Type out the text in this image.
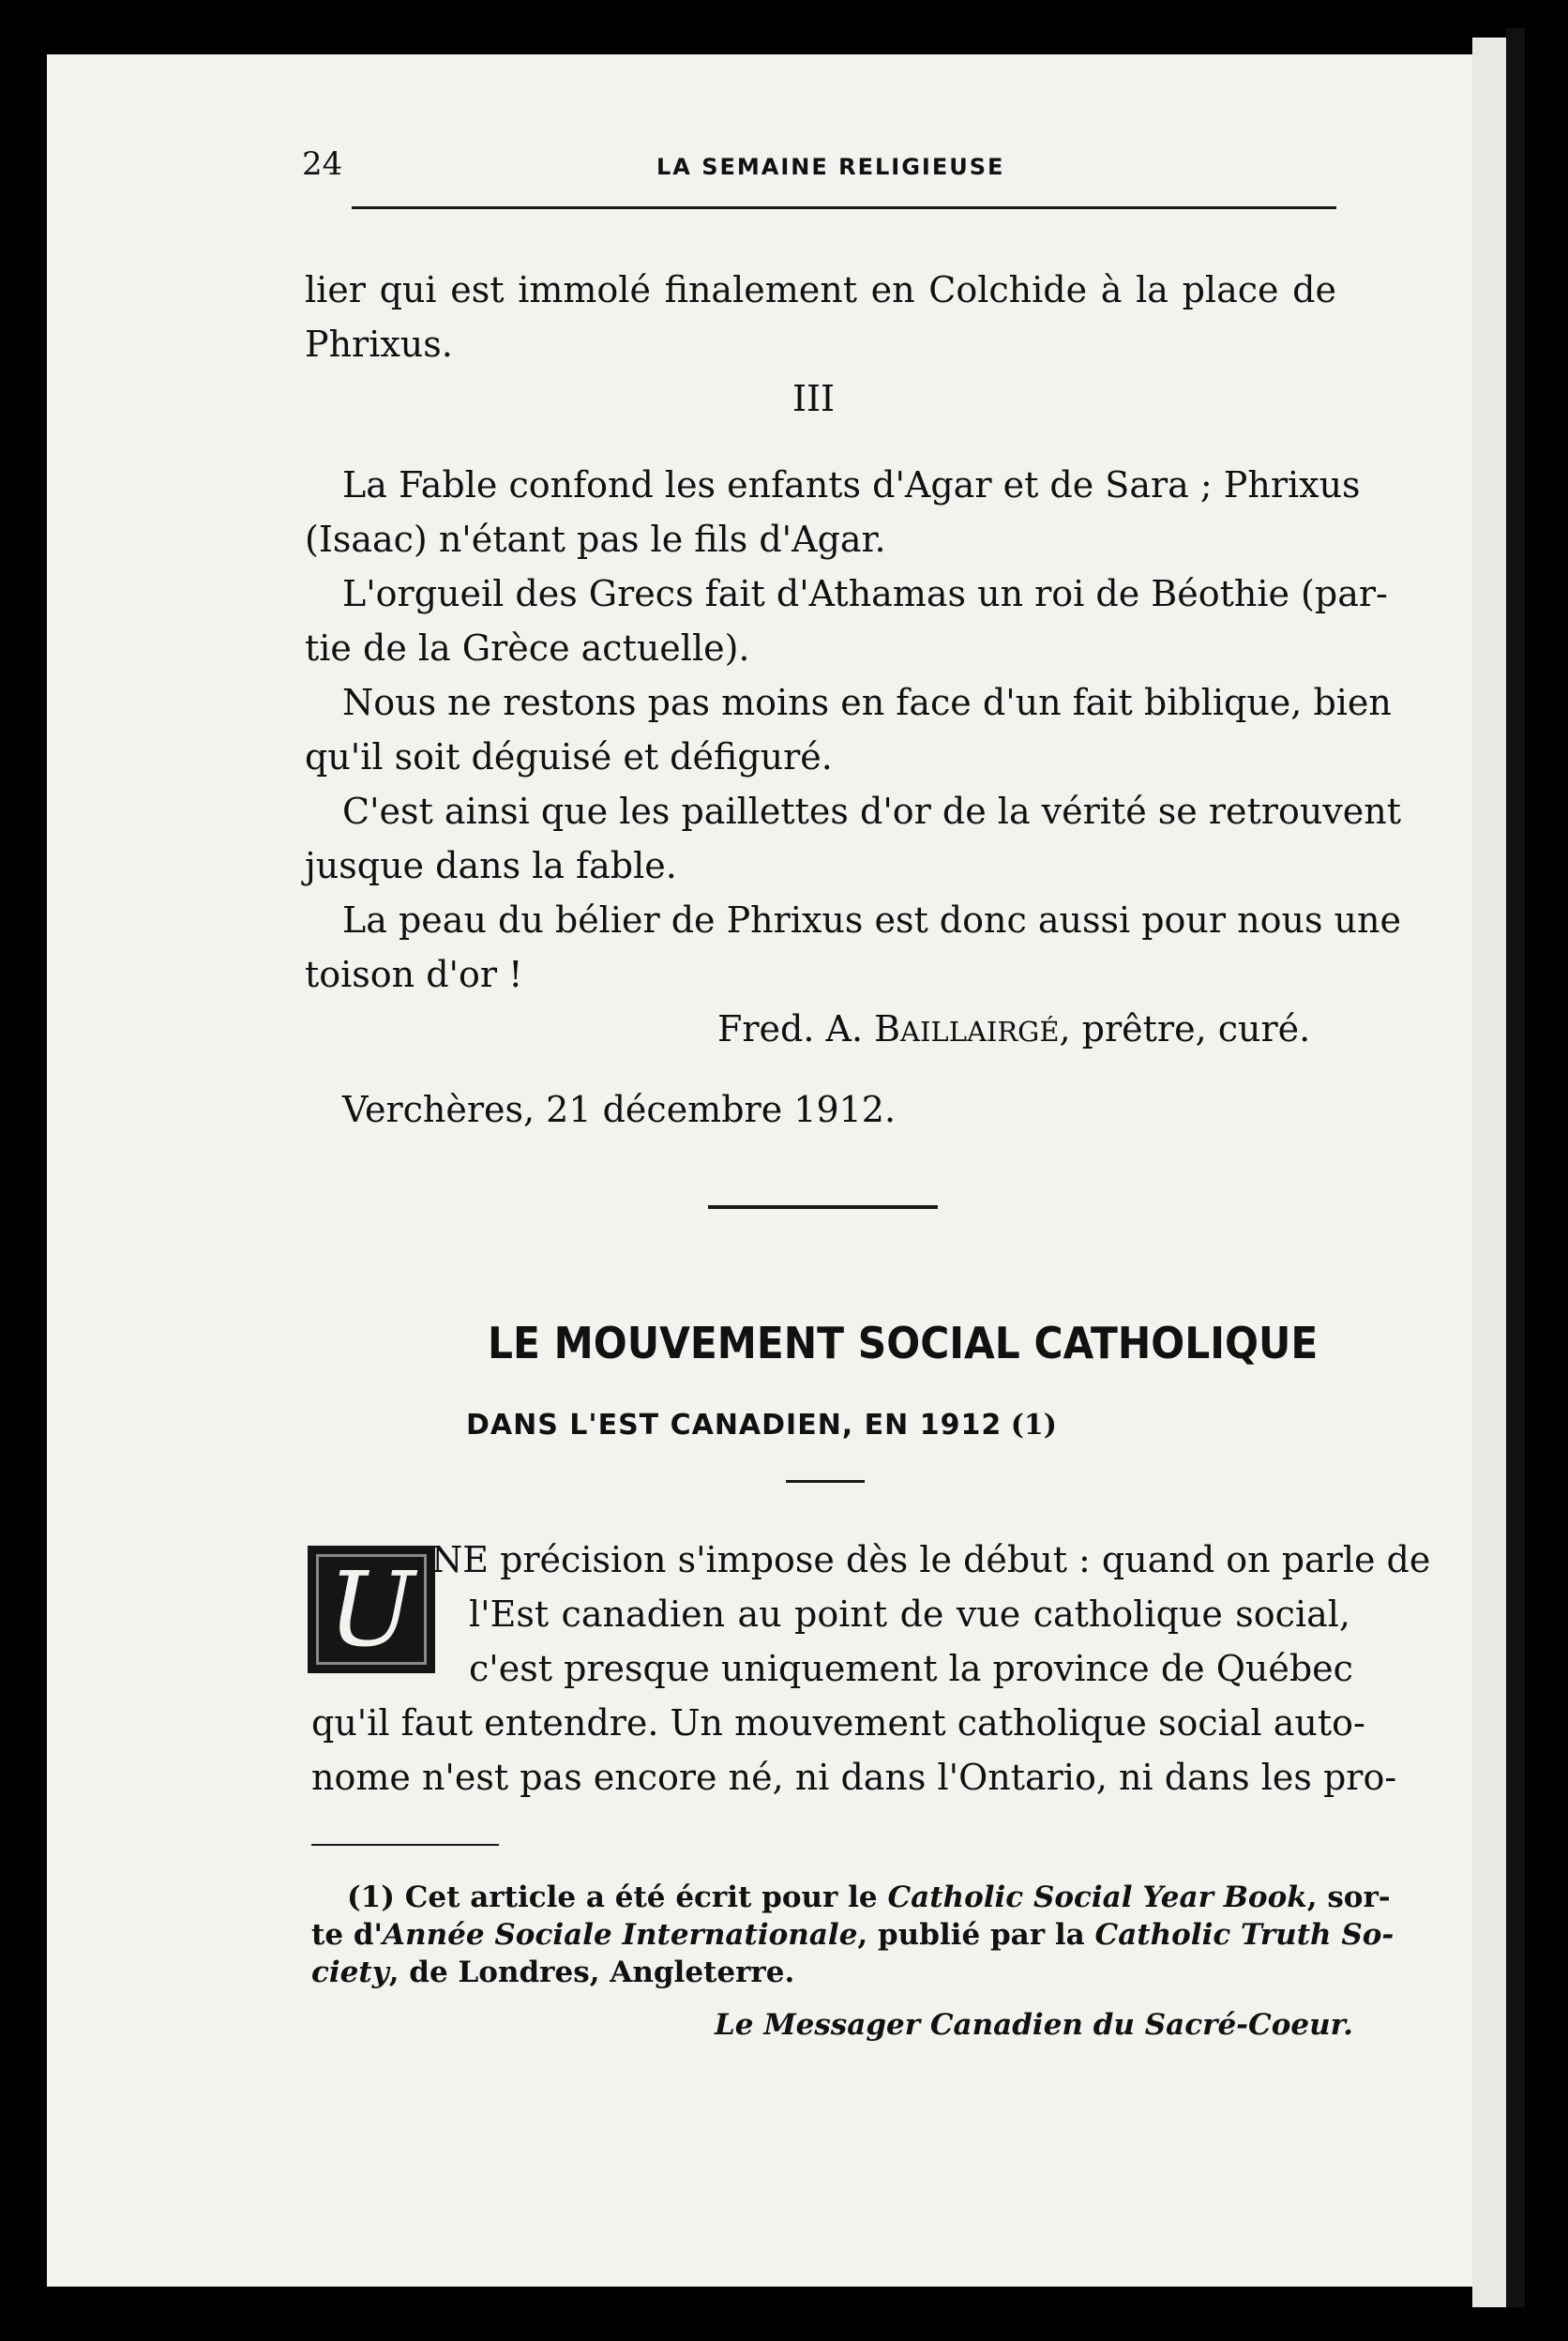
24	LA SEMAINE RELIGIEUSE
lier qui est immolé finalement en Colchide à la place de
Phrixus.
III
La Fable confond les enfants d'Agar et de Sara ; Phrixus
(Isaac) n'étant pas le fils d'Agar.
L'orgueil des Grecs fait d'Athamas un roi de Béothie (par-
tie de la Grèce actuelle).
Nous ne restons pas moins en face d'un fait biblique, bien
qu'il soit déguisé et défiguré.
C'est ainsi que les paillettes d'or de la vérité se retrouvent
jusque dans la fable.
La peau du bélier de Phrixus est donc aussi pour nous une
toison d'or !
Fred. A. BAILLAIRGÉ, prêtre, curé.
Verchères, 21 décembre 1912.
LE MOUVEMENT SOCIAL CATHOLIQUE
DANS L'EST CANADIEN, EN 1912 (1)
U NE précision s'impose dès le début : quand on parle de
l'Est canadien au point de vue catholique social,
c'est presque uniquement la province de Québec
qu'il faut entendre. Un mouvement catholique social auto-
nome n'est pas encore né, ni dans l'Ontario, ni dans les pro-
(1) Cet article a été écrit pour le Catholic Social Year Book, sor-
te d'Année Sociale Internationale, publié par la Catholic Truth So-
ciety, de Londres, Angleterre.
Le Messager Canadien du Sacré-Coeur.
